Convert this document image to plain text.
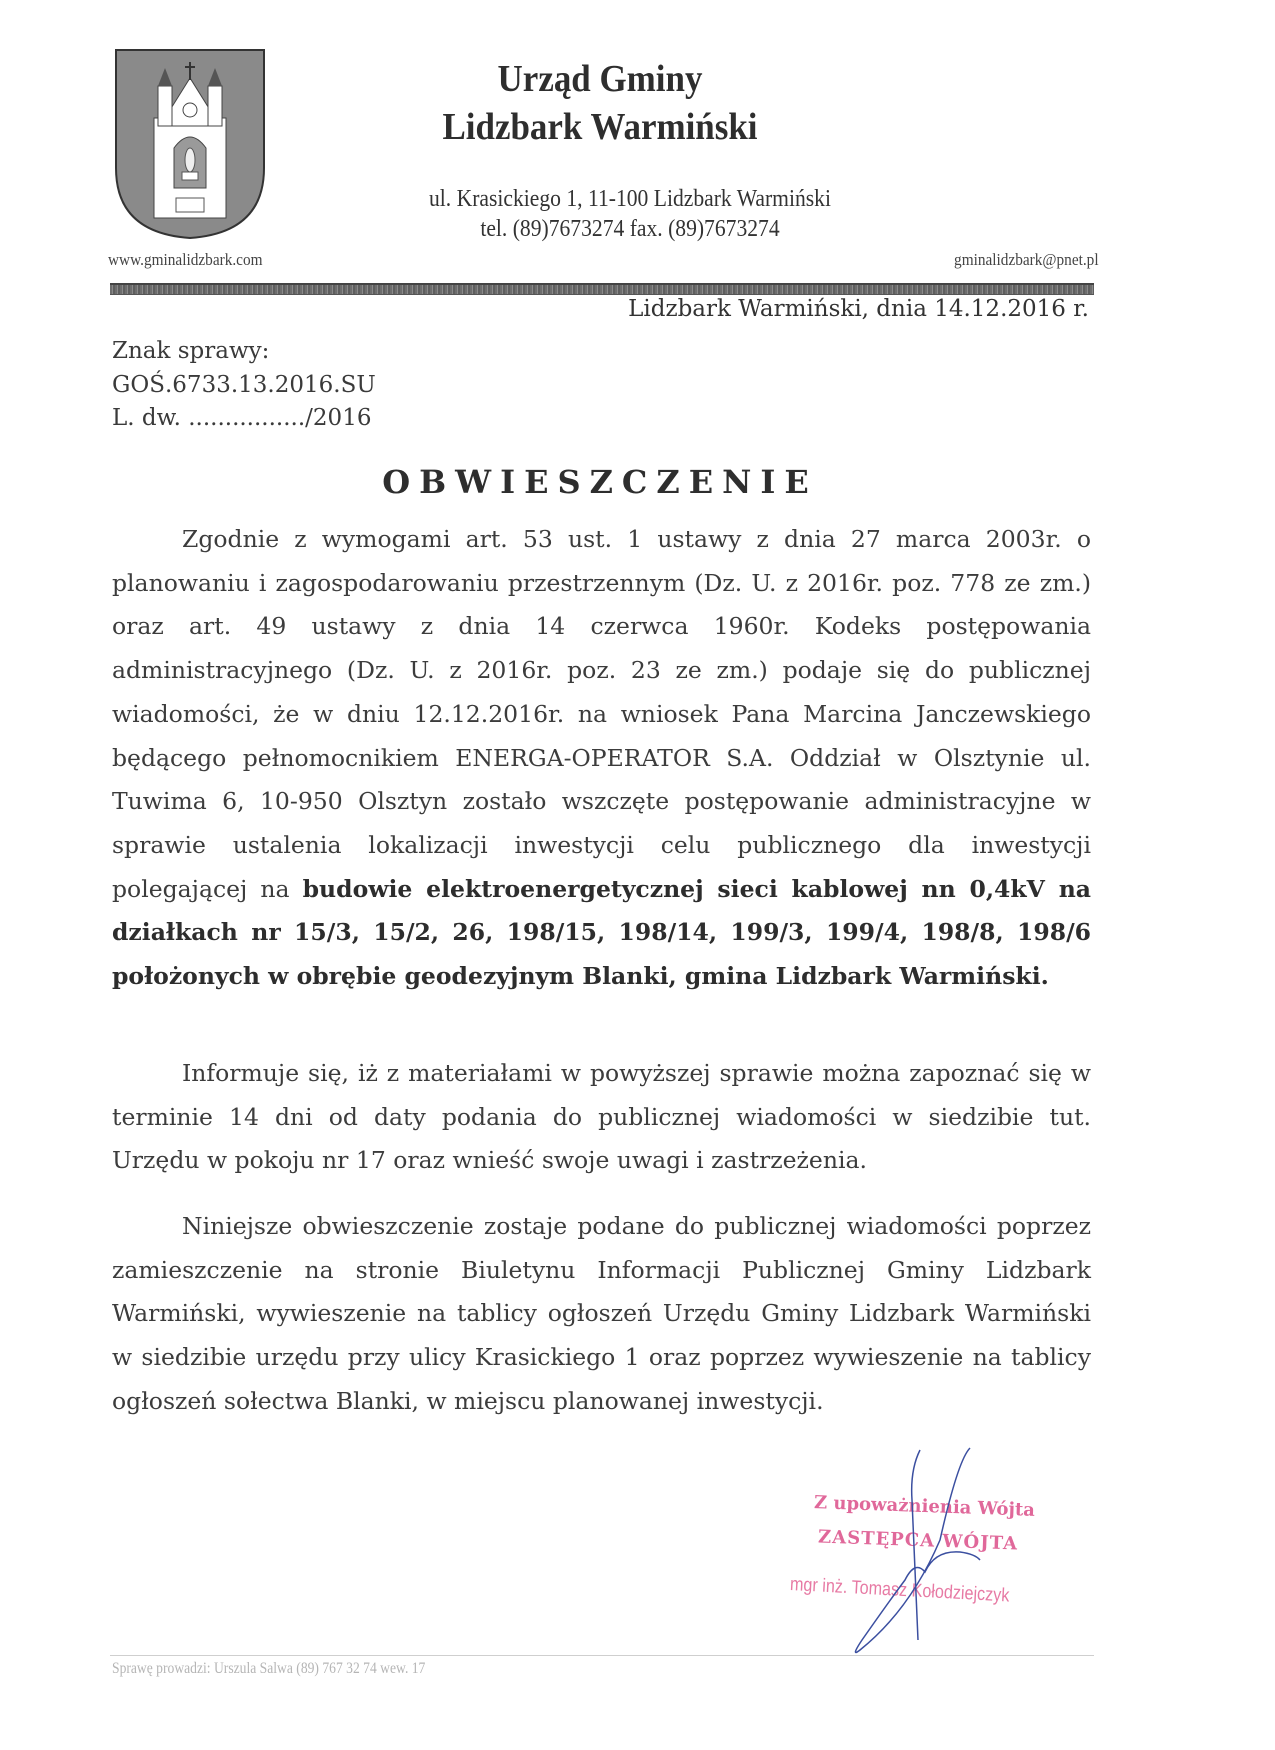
Urząd Gminy
Lidzbark Warmiński
ul. Krasickiego 1, 11-100 Lidzbark Warmiński
tel. (89)7673274 fax. (89)7673274
www.gminalidzbark.com	gminalidzbark@pnet.pl
Lidzbark Warmiński, dnia 14.12.2016 r.
Znak sprawy:
GOŚ.6733.13.2016.SU
L. dw. ................/2016
OBWIESZCZENIE

Zgodnie z wymogami art. 53 ust. 1 ustawy z dnia 27 marca 2003r. o planowaniu i zagospodarowaniu przestrzennym (Dz. U. z 2016r. poz. 778 ze zm.) oraz art. 49 ustawy z dnia 14 czerwca 1960r. Kodeks postępowania administracyjnego (Dz. U. z 2016r. poz. 23 ze zm.) podaje się do publicznej wiadomości, że w dniu 12.12.2016r. na wniosek Pana Marcina Janczewskiego będącego pełnomocnikiem ENERGA-OPERATOR S.A. Oddział w Olsztynie ul. Tuwima 6, 10-950 Olsztyn zostało wszczęte postępowanie administracyjne w sprawie ustalenia lokalizacji inwestycji celu publicznego dla inwestycji polegającej na budowie elektroenergetycznej sieci kablowej nn 0,4kV na działkach nr 15/3, 15/2, 26, 198/15, 198/14, 199/3, 199/4, 198/8, 198/6 położonych w obrębie geodezyjnym Blanki, gmina Lidzbark Warmiński.

Informuje się, iż z materiałami w powyższej sprawie można zapoznać się w terminie 14 dni od daty podania do publicznej wiadomości w siedzibie tut. Urzędu w pokoju nr 17 oraz wnieść swoje uwagi i zastrzeżenia.

Niniejsze obwieszczenie zostaje podane do publicznej wiadomości poprzez zamieszczenie na stronie Biuletynu Informacji Publicznej Gminy Lidzbark Warmiński, wywieszenie na tablicy ogłoszeń Urzędu Gminy Lidzbark Warmiński w siedzibie urzędu przy ulicy Krasickiego 1 oraz poprzez wywieszenie na tablicy ogłoszeń sołectwa Blanki, w miejscu planowanej inwestycji.

Z upoważnienia Wójta
ZASTĘPCA WÓJTA
mgr inż. Tomasz Kołodziejczyk
Sprawę prowadzi: Urszula Salwa (89) 767 32 74 wew. 17
